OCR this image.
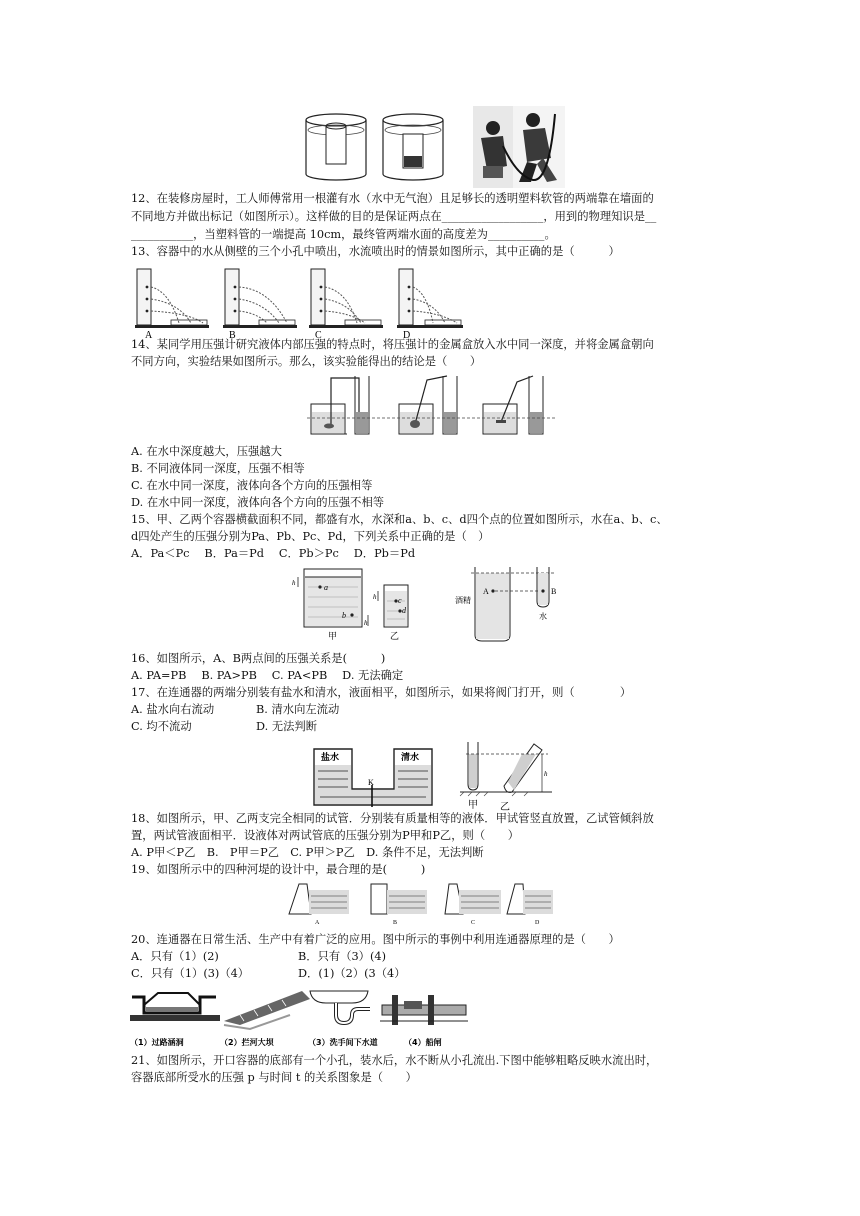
12、在装修房屋时，工人师傅常用一根灌有水（水中无气泡）且足够长的透明塑料软管的两端靠在墙面的
不同地方并做出标记（如图所示）。这样做的目的是保证两点在__________________，用到的物理知识是__
___________，当塑料管的一端提高 10cm，最终管两端水面的高度差为__________。
13、容器中的水从侧壁的三个小孔中喷出，水流喷出时的情景如图所示，其中正确的是（　　　）
A	B	C	D
14、某同学用压强计研究液体内部压强的特点时，将压强计的金属盒放入水中同一深度，并将金属盒朝向
不同方向，实验结果如图所示。那么，该实验能得出的结论是（　　）
A. 在水中深度越大，压强越大
B. 不同液体同一深度，压强不相等
C. 在水中同一深度，液体向各个方向的压强相等
D. 在水中同一深度，液体向各个方向的压强不相等
15、甲、乙两个容器横截面积不同，都盛有水，水深和a、b、c、d四个点的位置如图所示，水在a、b、c、
d四处产生的压强分别为Pa、Pb、Pc、Pd，下列关系中正确的是（　）
A．Pa＜Pc　 B．Pa＝Pd　 C．Pb＞Pc　 D．Pb＝Pd
a
b
h
h
c
d
h
甲	乙
A
酒精
B
水
16、如图所示，A、B两点间的压强关系是(　　　)
A. PA=PB　 B. PA>PB　 C. PA<PB　 D. 无法确定
17、在连通器的两端分别装有盐水和清水，液面相平，如图所示，如果将阀门打开，则（　　　　）
A. 盐水向右流动	B. 清水向左流动
C. 均不流动	D. 无法判断
盐水	清水
K
h
甲 乙
18、如图所示，甲、乙两支完全相同的试管．分别装有质量相等的液体．甲试管竖直放置，乙试管倾斜放
置，两试管液面相平．设液体对两试管底的压强分别为P甲和P乙，则（　　）
A. P甲＜P乙　B.　P甲＝P乙　C. P甲＞P乙　D. 条件不足，无法判断
19、如图所示中的四种河堤的设计中，最合理的是(　　　)
A	B	C	D
20、连通器在日常生活、生产中有着广泛的应用。图中所示的事例中利用连通器原理的是（　　）
A．只有（1）(2)	B．只有（3）(4)
C．只有（1）(3)（4）	D．(1)（2）(3（4）
（1）过路涵洞	（2）拦河大坝	（3）洗手间下水道	（4）船闸
21、如图所示，开口容器的底部有一个小孔，装水后，水不断从小孔流出.下图中能够粗略反映水流出时，
容器底部所受水的压强 p 与时间 t 的关系图象是（　　）
